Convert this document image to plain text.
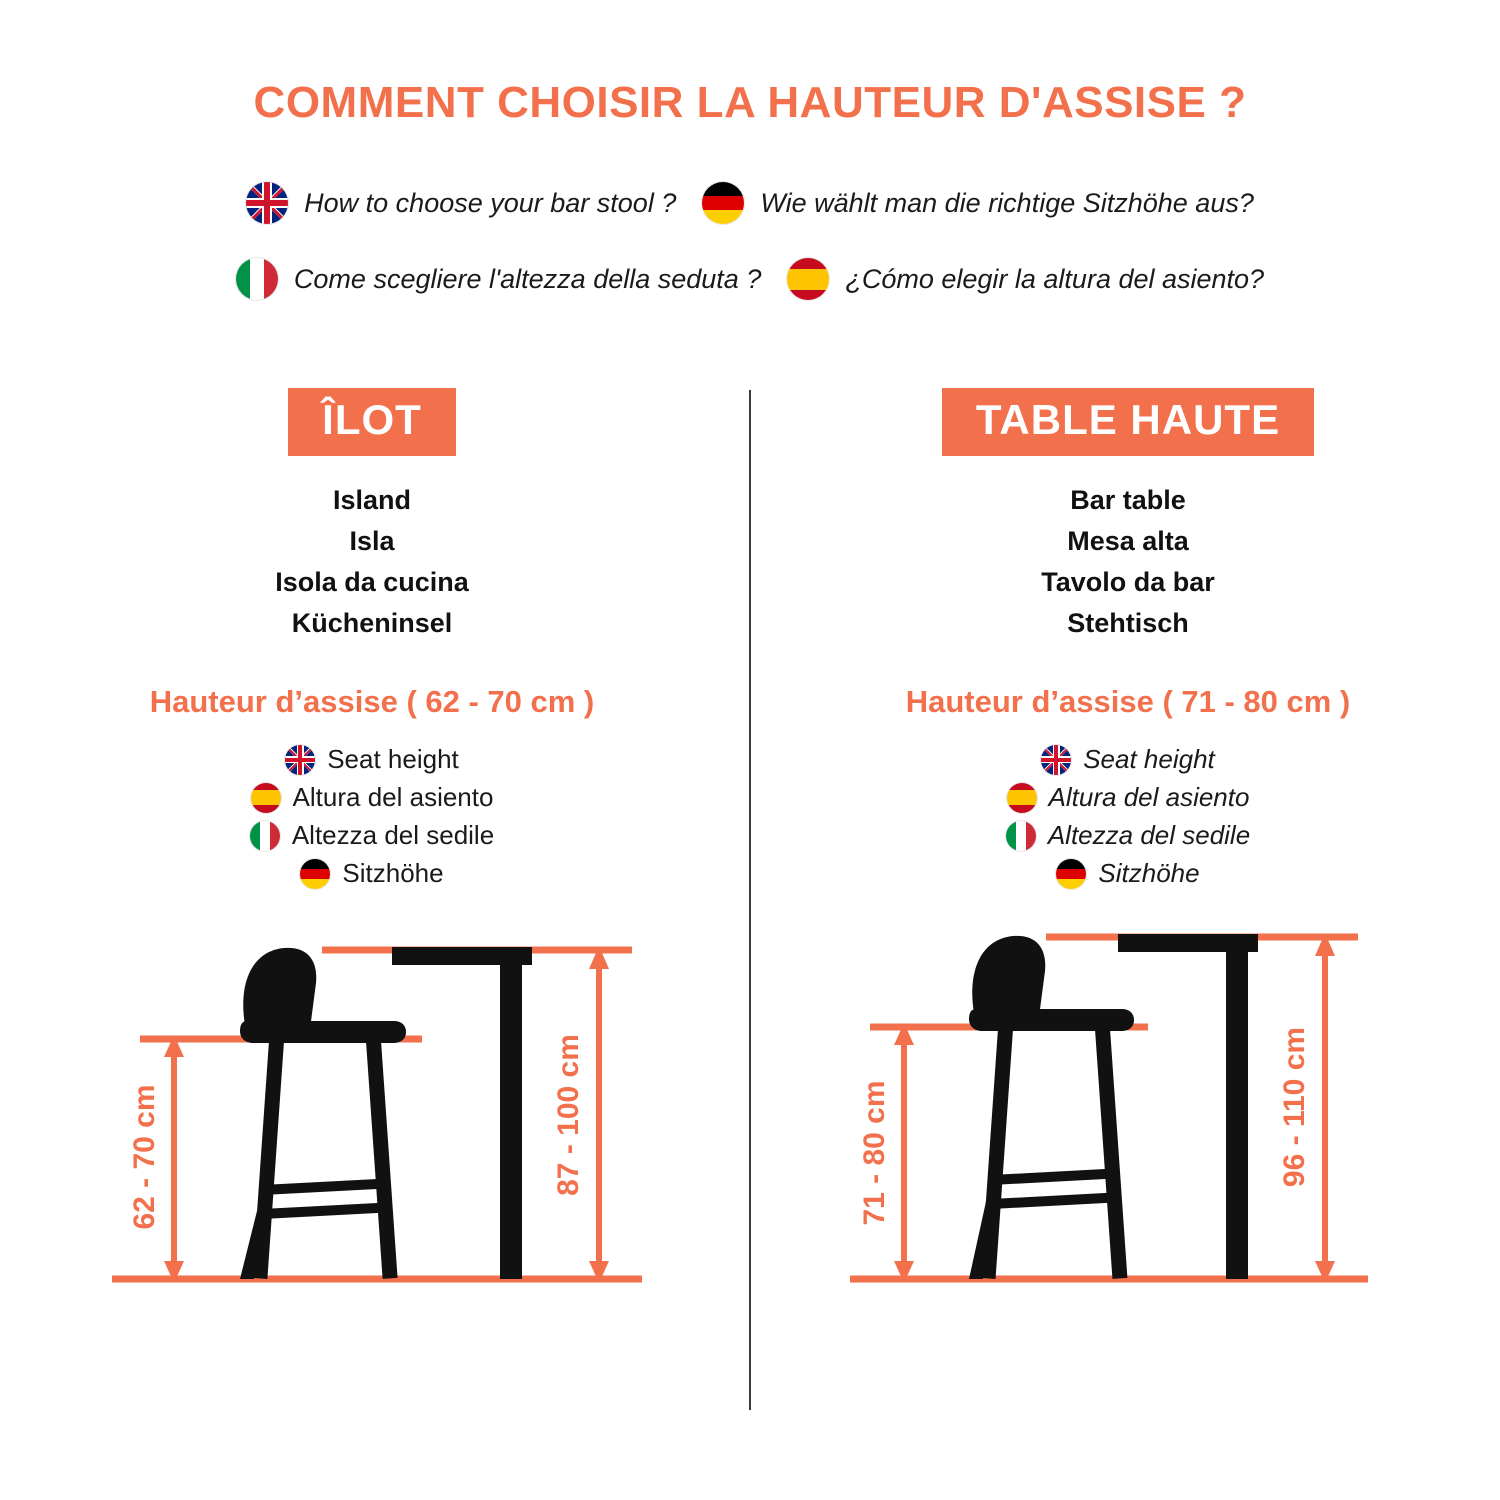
COMMENT CHOISIR LA HAUTEUR D'ASSISE ?
How to choose your bar stool ?	Wie wählt man die richtige Sitzhöhe aus?
Come scegliere l'altezza della seduta ?	¿Cómo elegir la altura del asiento?
ÎLOT
Island
Isla
Isola da cucina
Kücheninsel
Hauteur d’assise ( 62 - 70 cm )
Seat height
Altura del asiento
Altezza del sedile
Sitzhöhe
62 - 70 cm	87 - 100 cm
TABLE HAUTE
Bar table
Mesa alta
Tavolo da bar
Stehtisch
Hauteur d’assise ( 71 - 80 cm )
Seat height
Altura del asiento
Altezza del sedile
Sitzhöhe
71 - 80 cm	96 - 110 cm
